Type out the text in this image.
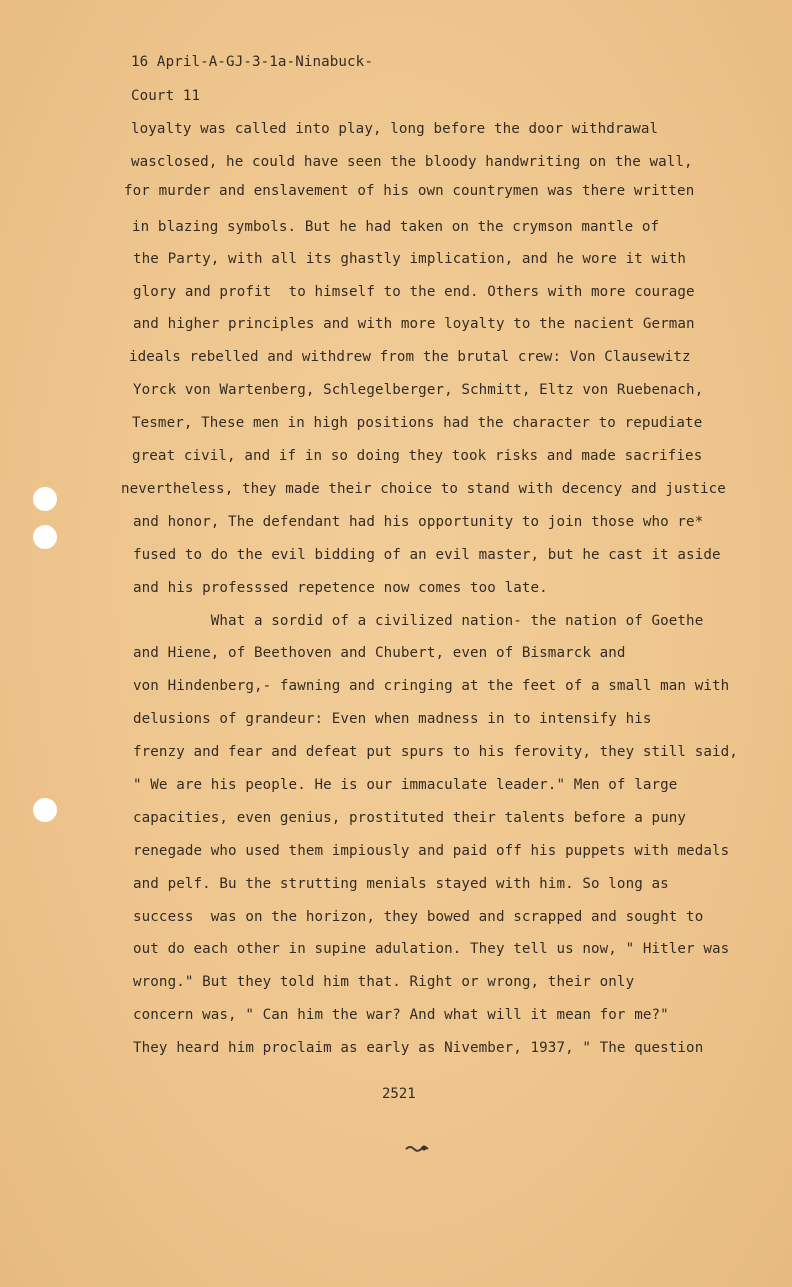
16 April-A-GJ-3-1a-Ninabuck-
Court 11
loyalty was called into play, long before the door withdrawal
wasclosed, he could have seen the bloody handwriting on the wall,
for murder and enslavement of his own countrymen was there written
in blazing symbols. But he had taken on the crymson mantle of
the Party, with all its ghastly implication, and he wore it with
glory and profit  to himself to the end. Others with more courage
and higher principles and with more loyalty to the nacient German
ideals rebelled and withdrew from the brutal crew: Von Clausewitz
Yorck von Wartenberg, Schlegelberger, Schmitt, Eltz von Ruebenach,
Tesmer, These men in high positions had the character to repudiate
great civil, and if in so doing they took risks and made sacrifies
nevertheless, they made their choice to stand with decency and justice
and honor, The defendant had his opportunity to join those who re*
fused to do the evil bidding of an evil master, but he cast it aside
and his professsed repetence now comes too late.
What a sordid of a civilized nation- the nation of Goethe
and Hiene, of Beethoven and Chubert, even of Bismarck and
von Hindenberg,- fawning and cringing at the feet of a small man with
delusions of grandeur: Even when madness in to intensify his
frenzy and fear and defeat put spurs to his ferovity, they still said,
" We are his people. He is our immaculate leader." Men of large
capacities, even genius, prostituted their talents before a puny
renegade who used them impiously and paid off his puppets with medals
and pelf. Bu the strutting menials stayed with him. So long as
success  was on the horizon, they bowed and scrapped and sought to
out do each other in supine adulation. They tell us now, " Hitler was
wrong." But they told him that. Right or wrong, their only
concern was, " Can him the war? And what will it mean for me?"
They heard him proclaim as early as Nivember, 1937, " The question
2521
